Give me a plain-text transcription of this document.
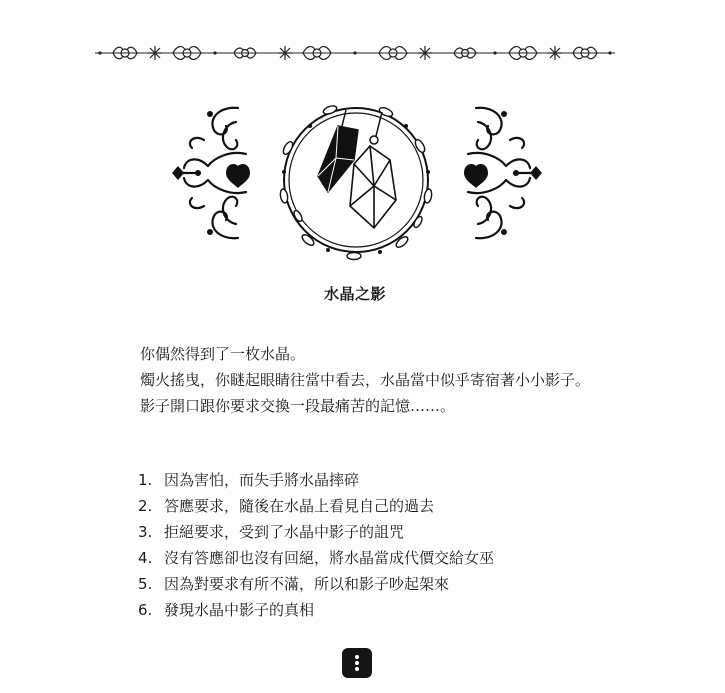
水晶之影

你偶然得到了一枚水晶。

燭火搖曳，你瞇起眼睛往當中看去，水晶當中似乎寄宿著小小影子。

影子開口跟你要求交換一段最痛苦的記憶……。

1. 因為害怕，而失手將水晶摔碎
2. 答應要求，隨後在水晶上看見自己的過去
3. 拒絕要求，受到了水晶中影子的詛咒
4. 沒有答應卻也沒有回絕，將水晶當成代價交給女巫
5. 因為對要求有所不滿，所以和影子吵起架來
6. 發現水晶中影子的真相
